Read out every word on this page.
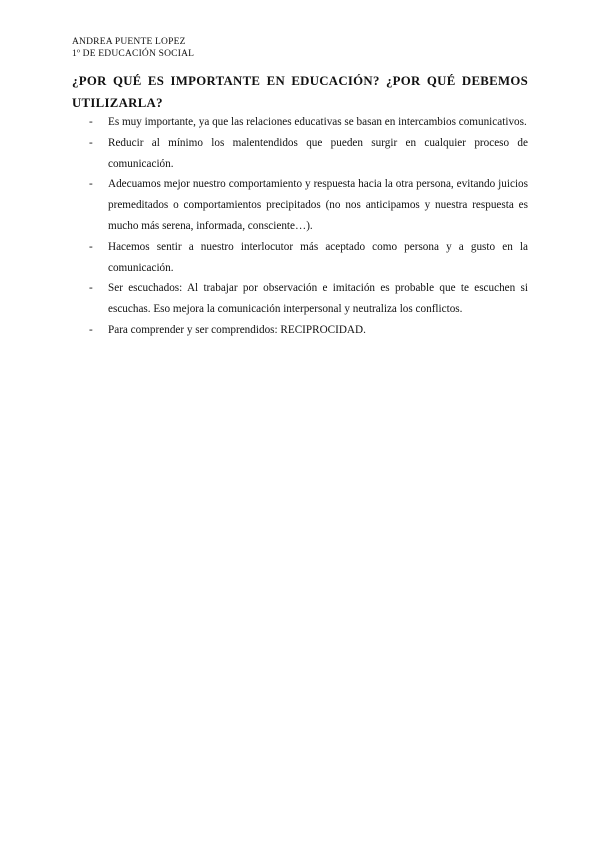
ANDREA PUENTE LOPEZ
1º DE EDUCACIÓN SOCIAL
¿POR QUÉ ES IMPORTANTE EN EDUCACIÓN? ¿POR QUÉ DEBEMOS UTILIZARLA?
- Es muy importante, ya que las relaciones educativas se basan en intercambios comunicativos.
- Reducir al mínimo los malentendidos que pueden surgir en cualquier proceso de comunicación.
- Adecuamos mejor nuestro comportamiento y respuesta hacia la otra persona, evitando juicios premeditados o comportamientos precipitados (no nos anticipamos y nuestra respuesta es mucho más serena, informada, consciente…).
- Hacemos sentir a nuestro interlocutor más aceptado como persona y a gusto en la comunicación.
- Ser escuchados: Al trabajar por observación e imitación es probable que te escuchen si escuchas. Eso mejora la comunicación interpersonal y neutraliza los conflictos.
- Para comprender y ser comprendidos: RECIPROCIDAD.
